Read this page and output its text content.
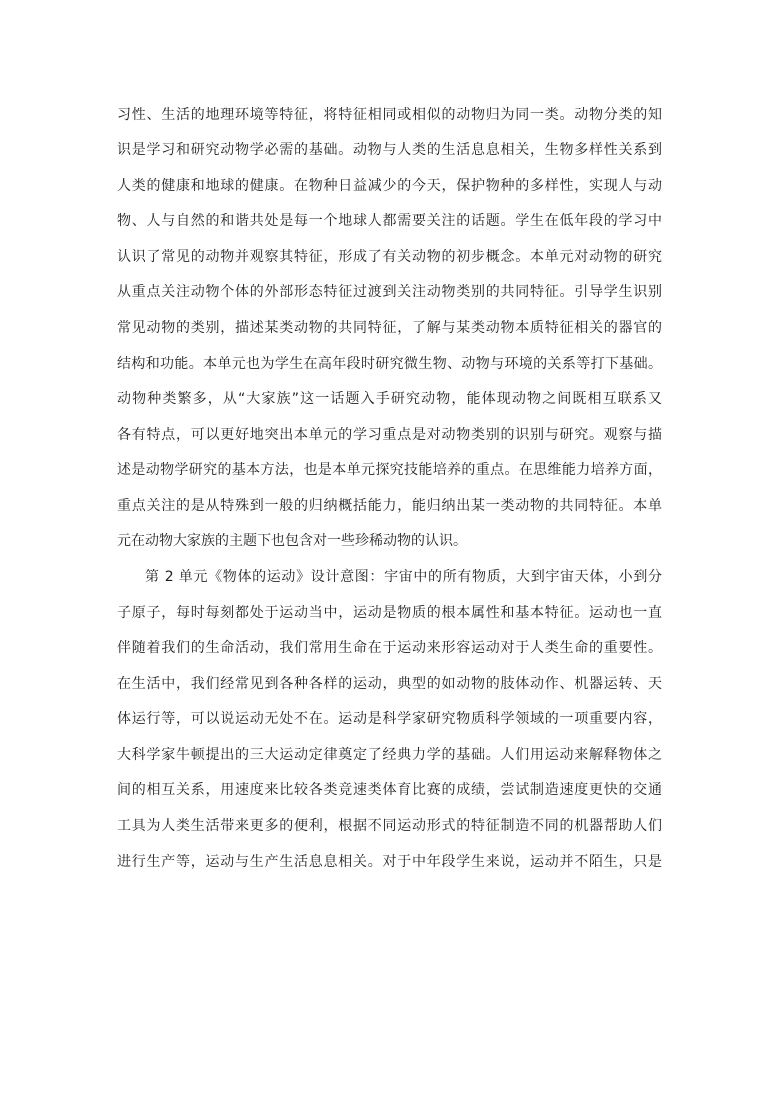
习性、生活的地理环境等特征，将特征相同或相似的动物归为同一类。动物分类的知
识是学习和研究动物学必需的基础。动物与人类的生活息息相关，生物多样性关系到
人类的健康和地球的健康。在物种日益减少的今天，保护物种的多样性，实现人与动
物、人与自然的和谐共处是每一个地球人都需要关注的话题。学生在低年段的学习中
认识了常见的动物并观察其特征，形成了有关动物的初步概念。本单元对动物的研究
从重点关注动物个体的外部形态特征过渡到关注动物类别的共同特征。引导学生识别
常见动物的类别，描述某类动物的共同特征，了解与某类动物本质特征相关的器官的
结构和功能。本单元也为学生在高年段时研究微生物、动物与环境的关系等打下基础。
动物种类繁多，从“大家族”这一话题入手研究动物，能体现动物之间既相互联系又
各有特点，可以更好地突出本单元的学习重点是对动物类别的识别与研究。观察与描
述是动物学研究的基本方法，也是本单元探究技能培养的重点。在思维能力培养方面，
重点关注的是从特殊到一般的归纳概括能力，能归纳出某一类动物的共同特征。本单
元在动物大家族的主题下也包含对一些珍稀动物的认识。
第 2 单元《物体的运动》设计意图：宇宙中的所有物质，大到宇宙天体，小到分
子原子，每时每刻都处于运动当中，运动是物质的根本属性和基本特征。运动也一直
伴随着我们的生命活动，我们常用生命在于运动来形容运动对于人类生命的重要性。
在生活中，我们经常见到各种各样的运动，典型的如动物的肢体动作、机器运转、天
体运行等，可以说运动无处不在。运动是科学家研究物质科学领域的一项重要内容，
大科学家牛顿提出的三大运动定律奠定了经典力学的基础。人们用运动来解释物体之
间的相互关系，用速度来比较各类竞速类体育比赛的成绩，尝试制造速度更快的交通
工具为人类生活带来更多的便利，根据不同运动形式的特征制造不同的机器帮助人们
进行生产等，运动与生产生活息息相关。对于中年段学生来说，运动并不陌生，只是
